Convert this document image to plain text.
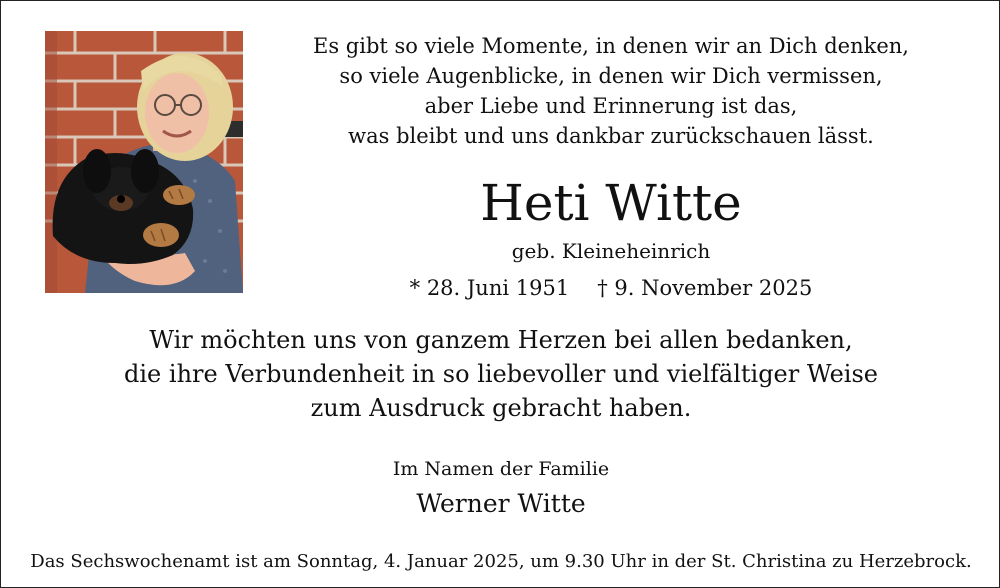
Es gibt so viele Momente, in denen wir an Dich denken,
so viele Augenblicke, in denen wir Dich vermissen,
aber Liebe und Erinnerung ist das,
was bleibt und uns dankbar zurückschauen lässt.
Heti Witte
geb. Kleineheinrich
* 28. Juni 1951 † 9. November 2025
Wir möchten uns von ganzem Herzen bei allen bedanken,
die ihre Verbundenheit in so liebevoller und vielfältiger Weise
zum Ausdruck gebracht haben.
Im Namen der Familie
Werner Witte
Das Sechswochenamt ist am Sonntag, 4. Januar 2025, um 9.30 Uhr in der St. Christina zu Herzebrock.
